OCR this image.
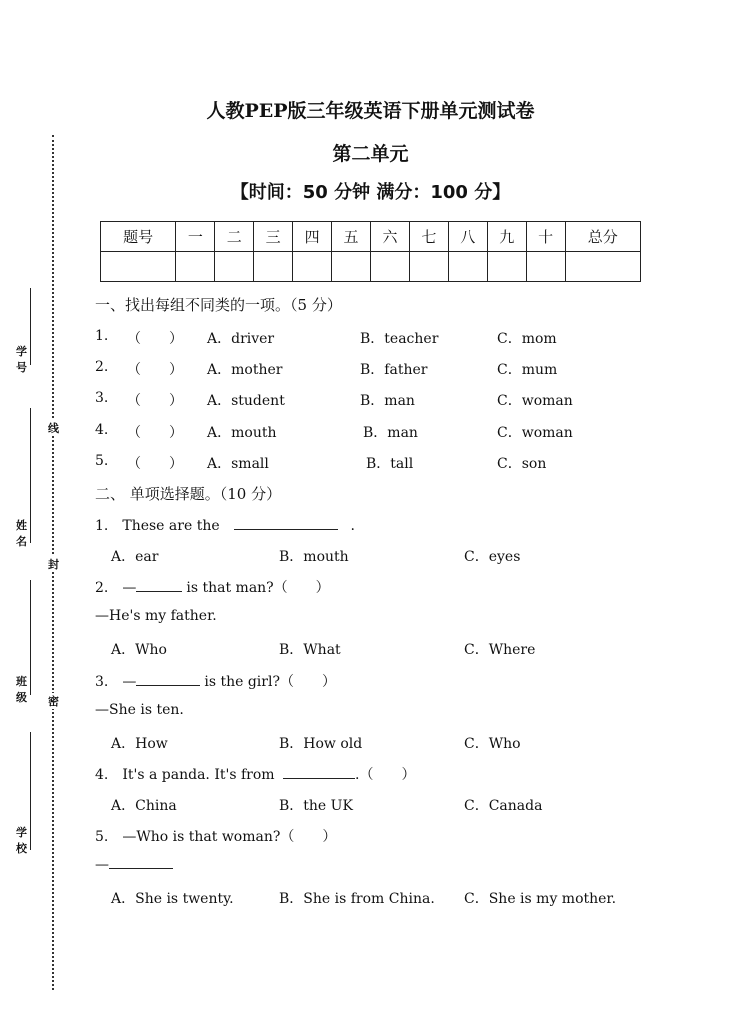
学号
姓名
班级
学校
线
封
密
人教PEP版三年级英语下册单元测试卷
第二单元
【时间：50 分钟 满分：100 分】
题号	一	二	三	四	五	六	七	八	九	十	总分

一、找出每组不同类的一项。（5 分）
1. （　　） A．driver	B．teacher	C．mom
2. （　　） A．mother	B．father	C．mum
3. （　　） A．student	B．man	C．woman
4. （　　） A．mouth	B．man	C．woman
5. （　　） A．small	B．tall	C．son
二、 单项选择题。（10 分）
1.　These are the	.
A．ear	B．mouth	C．eyes
2.　—	is that man?（　　）
—He's my father.
A．Who	B．What	C．Where
3.　—	is the girl?（　　）
—She is ten.
A．How	B．How old	C．Who
4.　It's a panda. It's from	.（　　）
A．China	B．the UK	C．Canada
5.　—Who is that woman?（　　）
—
A．She is twenty.	B．She is from China. C．She is my mother.
